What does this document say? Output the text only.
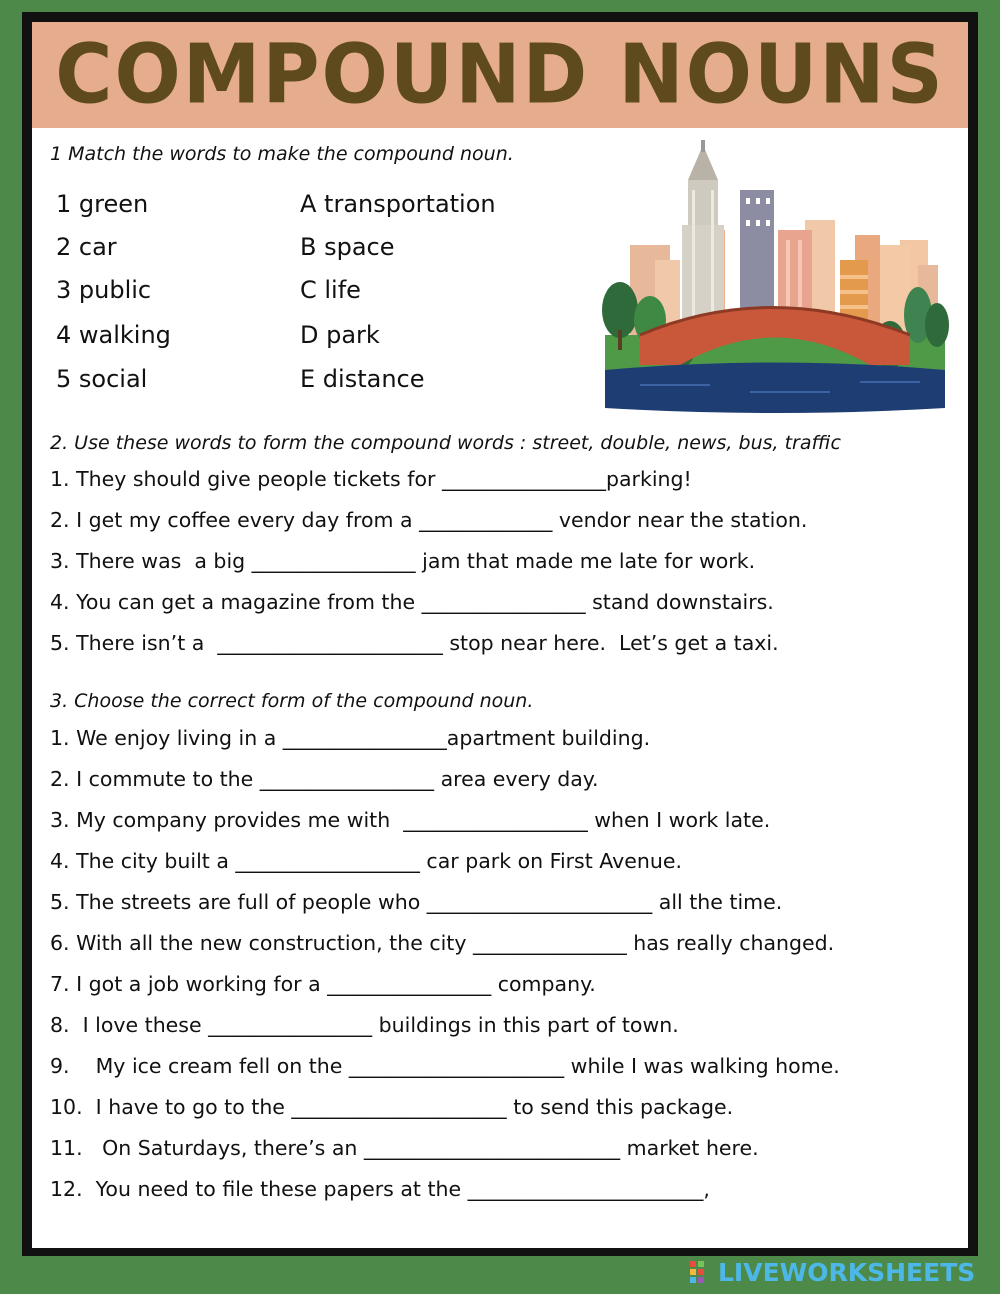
COMPOUND NOUNS
1 Match the words to make the compound noun.
1 green
2 car
3 public
4 walking
5 social
A transportation
B space
C life
D park
E distance
2. Use these words to form the compound words : street, double, news, bus, traffic
1. They should give people tickets for ________________parking!
2. I get my coffee every day from a _____________ vendor near the station.
3. There was  a big ________________ jam that made me late for work.
4. You can get a magazine from the ________________ stand downstairs.
5. There isn’t a  ______________________ stop near here.  Let’s get a taxi.
3. Choose the correct form of the compound noun.
1. We enjoy living in a ________________apartment building.
2. I commute to the _________________ area every day.
3. My company provides me with  __________________ when I work late.
4. The city built a __________________ car park on First Avenue.
5. The streets are full of people who ______________________ all the time.
6. With all the new construction, the city _______________ has really changed.
7. I got a job working for a ________________ company.
8.  I love these ________________ buildings in this part of town.
9.    My ice cream fell on the _____________________ while I was walking home.
10.  I have to go to the _____________________ to send this package.
11.   On Saturdays, there’s an _________________________ market here.
12.  You need to file these papers at the _______________________,
LIVEWORKSHEETS
